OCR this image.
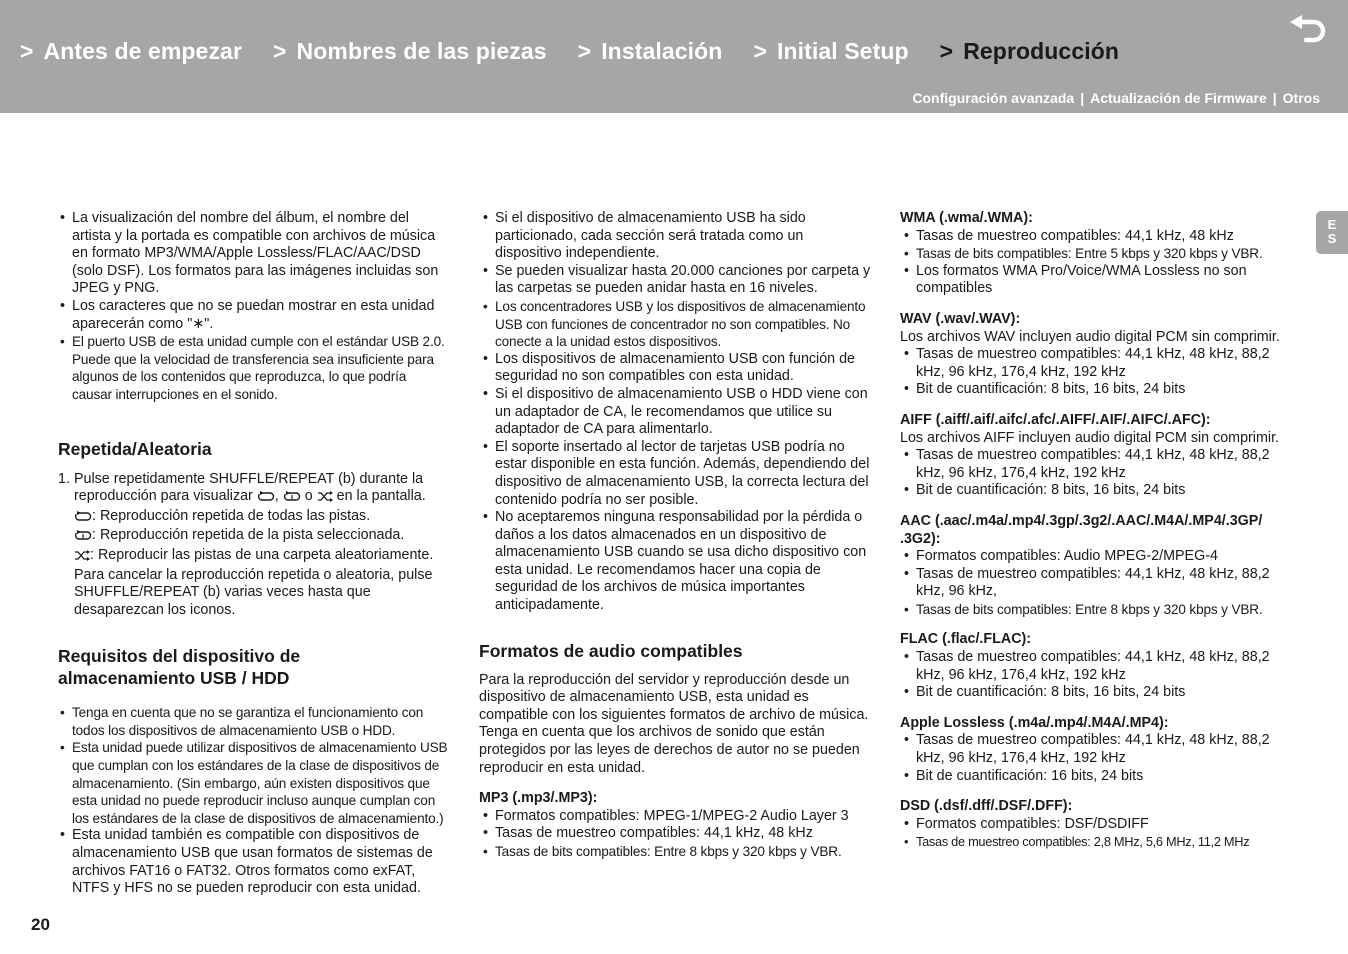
> Antes de empezar > Nombres de las piezas > Instalación > Initial Setup > Reproducción
Configuración avanzada | Actualización de Firmware | Otros
E
S
• La visualización del nombre del álbum, el nombre del artista y la portada es compatible con archivos de música en formato MP3/WMA/Apple Lossless/FLAC/AAC/DSD (solo DSF). Los formatos para las imágenes incluidas son JPEG y PNG.
• Los caracteres que no se puedan mostrar en esta unidad aparecerán como "∗".
• El puerto USB de esta unidad cumple con el estándar USB 2.0. Puede que la velocidad de transferencia sea insuficiente para algunos de los contenidos que reproduzca, lo que podría causar interrupciones en el sonido.
Repetida/Aleatoria
1. Pulse repetidamente SHUFFLE/REPEAT (b) durante la reproducción para visualizar , o en la pantalla.
: Reproducción repetida de todas las pistas.
: Reproducción repetida de la pista seleccionada.
: Reproducir las pistas de una carpeta aleatoriamente.
Para cancelar la reproducción repetida o aleatoria, pulse SHUFFLE/REPEAT (b) varias veces hasta que desaparezcan los iconos.
Requisitos del dispositivo de almacenamiento USB / HDD
• Tenga en cuenta que no se garantiza el funcionamiento con todos los dispositivos de almacenamiento USB o HDD.
• Esta unidad puede utilizar dispositivos de almacenamiento USB que cumplan con los estándares de la clase de dispositivos de almacenamiento. (Sin embargo, aún existen dispositivos que esta unidad no puede reproducir incluso aunque cumplan con los estándares de la clase de dispositivos de almacenamiento.)
• Esta unidad también es compatible con dispositivos de almacenamiento USB que usan formatos de sistemas de archivos FAT16 o FAT32. Otros formatos como exFAT, NTFS y HFS no se pueden reproducir con esta unidad.
• Si el dispositivo de almacenamiento USB ha sido particionado, cada sección será tratada como un dispositivo independiente.
• Se pueden visualizar hasta 20.000 canciones por carpeta y las carpetas se pueden anidar hasta en 16 niveles.
• Los concentradores USB y los dispositivos de almacenamiento USB con funciones de concentrador no son compatibles. No conecte a la unidad estos dispositivos.
• Los dispositivos de almacenamiento USB con función de seguridad no son compatibles con esta unidad.
• Si el dispositivo de almacenamiento USB o HDD viene con un adaptador de CA, le recomendamos que utilice su adaptador de CA para alimentarlo.
• El soporte insertado al lector de tarjetas USB podría no estar disponible en esta función. Además, dependiendo del dispositivo de almacenamiento USB, la correcta lectura del contenido podría no ser posible.
• No aceptaremos ninguna responsabilidad por la pérdida o daños a los datos almacenados en un dispositivo de almacenamiento USB cuando se usa dicho dispositivo con esta unidad. Le recomendamos hacer una copia de seguridad de los archivos de música importantes anticipadamente.
Formatos de audio compatibles

Para la reproducción del servidor y reproducción desde un dispositivo de almacenamiento USB, esta unidad es compatible con los siguientes formatos de archivo de música. Tenga en cuenta que los archivos de sonido que están protegidos por las leyes de derechos de autor no se pueden reproducir en esta unidad.

MP3 (.mp3/.MP3):
• Formatos compatibles: MPEG-1/MPEG-2 Audio Layer 3
• Tasas de muestreo compatibles: 44,1 kHz, 48 kHz
• Tasas de bits compatibles: Entre 8 kbps y 320 kbps y VBR.
WMA (.wma/.WMA):
• Tasas de muestreo compatibles: 44,1 kHz, 48 kHz
• Tasas de bits compatibles: Entre 5 kbps y 320 kbps y VBR.
• Los formatos WMA Pro/Voice/WMA Lossless no son compatibles
WAV (.wav/.WAV):

Los archivos WAV incluyen audio digital PCM sin comprimir.

• Tasas de muestreo compatibles: 44,1 kHz, 48 kHz, 88,2 kHz, 96 kHz, 176,4 kHz, 192 kHz
• Bit de cuantificación: 8 bits, 16 bits, 24 bits
AIFF (.aiff/.aif/.aifc/.afc/.AIFF/.AIF/.AIFC/.AFC):

Los archivos AIFF incluyen audio digital PCM sin comprimir.

• Tasas de muestreo compatibles: 44,1 kHz, 48 kHz, 88,2 kHz, 96 kHz, 176,4 kHz, 192 kHz
• Bit de cuantificación: 8 bits, 16 bits, 24 bits
AAC (.aac/.m4a/.mp4/.3gp/.3g2/.AAC/.M4A/.MP4/.3GP/ .3G2):
• Formatos compatibles: Audio MPEG-2/MPEG-4
• Tasas de muestreo compatibles: 44,1 kHz, 48 kHz, 88,2 kHz, 96 kHz,
• Tasas de bits compatibles: Entre 8 kbps y 320 kbps y VBR.
FLAC (.flac/.FLAC):
• Tasas de muestreo compatibles: 44,1 kHz, 48 kHz, 88,2 kHz, 96 kHz, 176,4 kHz, 192 kHz
• Bit de cuantificación: 8 bits, 16 bits, 24 bits
Apple Lossless (.m4a/.mp4/.M4A/.MP4):
• Tasas de muestreo compatibles: 44,1 kHz, 48 kHz, 88,2 kHz, 96 kHz, 176,4 kHz, 192 kHz
• Bit de cuantificación: 16 bits, 24 bits
DSD (.dsf/.dff/.DSF/.DFF):
• Formatos compatibles: DSF/DSDIFF
• Tasas de muestreo compatibles: 2,8 MHz, 5,6 MHz, 11,2 MHz
20
